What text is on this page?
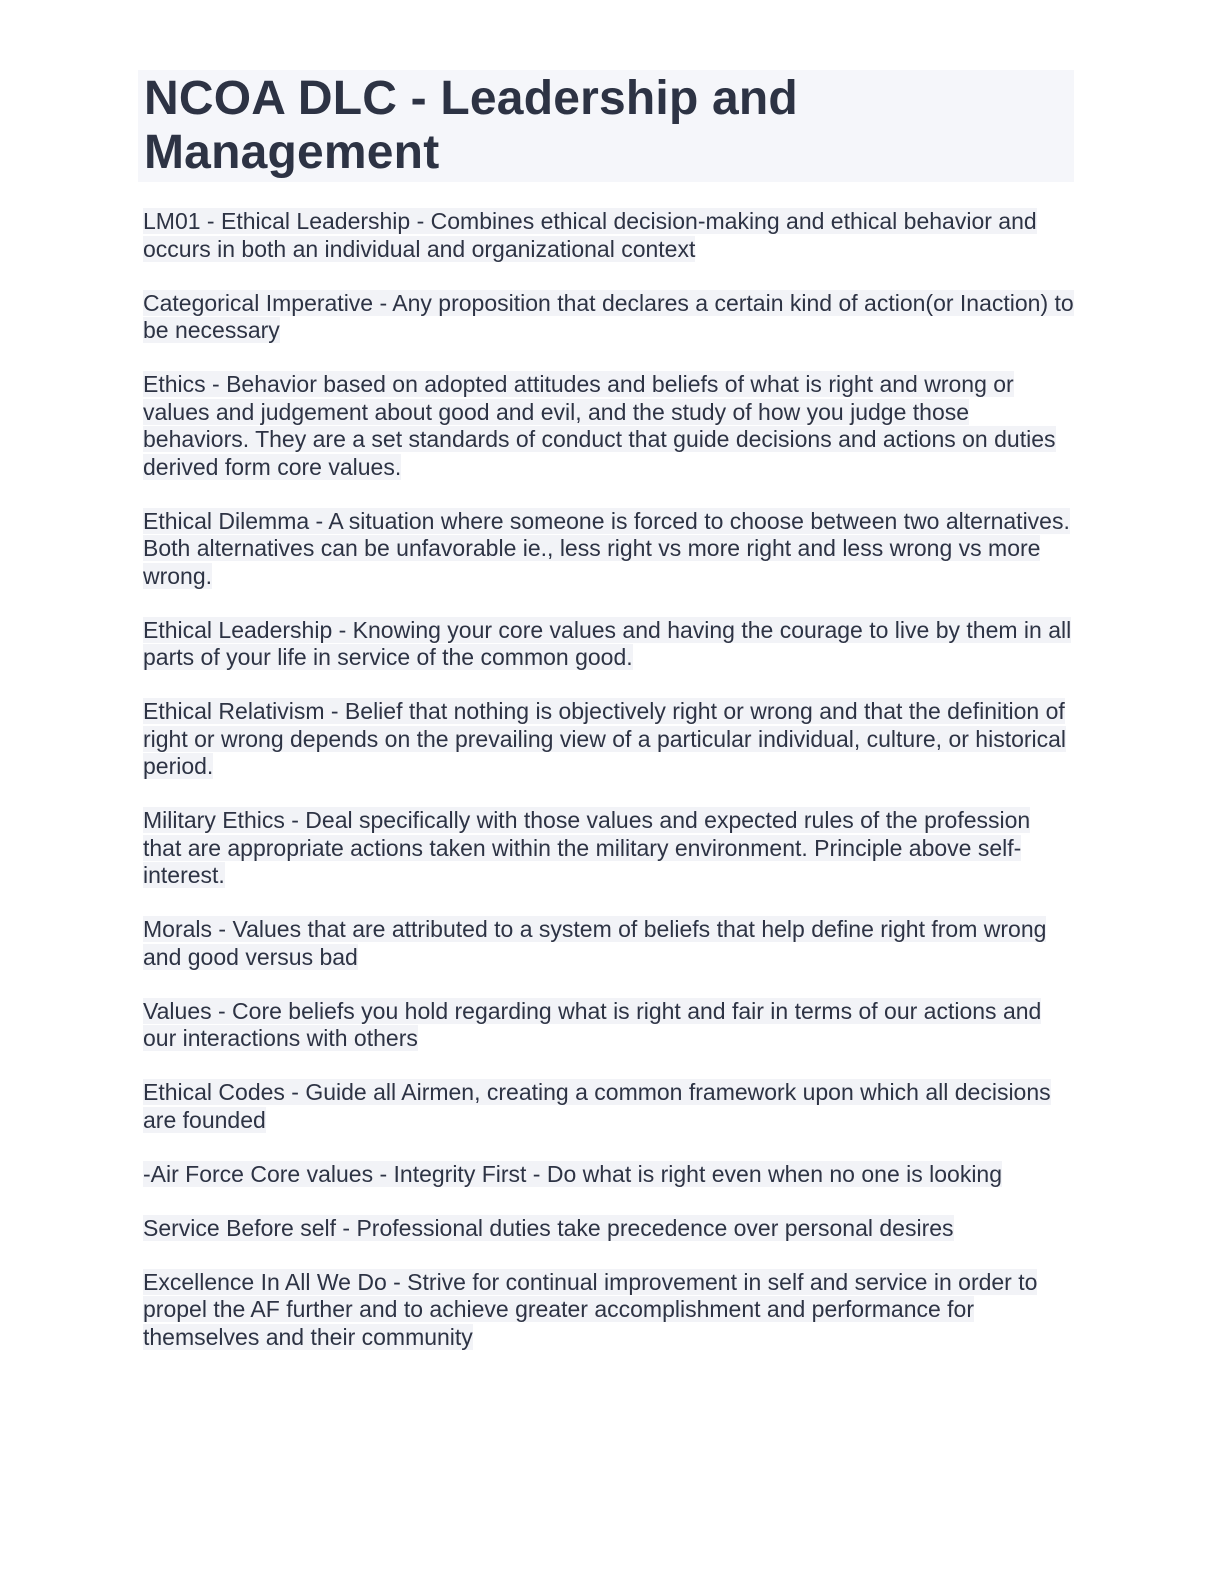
NCOA DLC - Leadership and Management

LM01 - Ethical Leadership - Combines ethical decision-making and ethical behavior and occurs in both an individual and organizational context

Categorical Imperative - Any proposition that declares a certain kind of action(or Inaction) to be necessary

Ethics - Behavior based on adopted attitudes and beliefs of what is right and wrong or values and judgement about good and evil, and the study of how you judge those behaviors. They are a set standards of conduct that guide decisions and actions on duties derived form core values.

Ethical Dilemma - A situation where someone is forced to choose between two alternatives. Both alternatives can be unfavorable ie., less right vs more right and less wrong vs more wrong.

Ethical Leadership - Knowing your core values and having the courage to live by them in all parts of your life in service of the common good.

Ethical Relativism - Belief that nothing is objectively right or wrong and that the definition of right or wrong depends on the prevailing view of a particular individual, culture, or historical period.

Military Ethics - Deal specifically with those values and expected rules of the profession that are appropriate actions taken within the military environment. Principle above self-interest.

Morals - Values that are attributed to a system of beliefs that help define right from wrong and good versus bad

Values - Core beliefs you hold regarding what is right and fair in terms of our actions and our interactions with others

Ethical Codes - Guide all Airmen, creating a common framework upon which all decisions are founded

-Air Force Core values - Integrity First - Do what is right even when no one is looking

Service Before self - Professional duties take precedence over personal desires

Excellence In All We Do - Strive for continual improvement in self and service in order to propel the AF further and to achieve greater accomplishment and performance for themselves and their community
